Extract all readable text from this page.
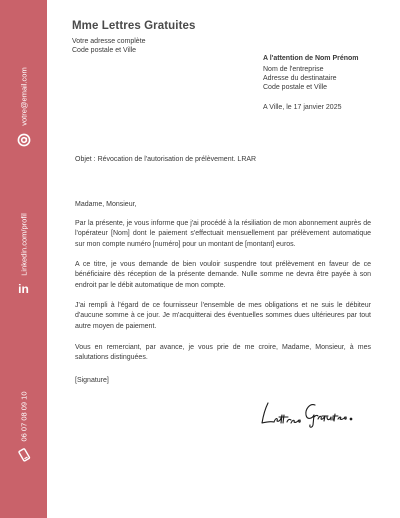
votre@email.com
Linkedin.com/profil
in
06 07 08 09 10
Mme Lettres Gratuites
Votre adresse complète
Code postale et Ville
A l'attention de Nom Prénom
Nom de l'entreprise
Adresse du destinataire
Code postale et Ville
A Ville, le 17 janvier 2025
Objet : Révocation de l'autorisation de prélèvement. LRAR
Madame, Monsieur,
Par la présente, je vous informe que j'ai procédé à la résiliation de mon abonnement auprès de l'opérateur [Nom] dont le paiement s'effectuait mensuellement par prélèvement automatique sur mon compte numéro [numéro] pour un montant de [montant] euros.
A ce titre, je vous demande de bien vouloir suspendre tout prélèvement en faveur de ce bénéficiaire dès réception de la présente demande. Nulle somme ne devra être payée à son endroit par le débit automatique de mon compte.
J'ai rempli à l'égard de ce fournisseur l'ensemble de mes obligations et ne suis le débiteur d'aucune somme à ce jour. Je m'acquitterai des éventuelles sommes dues ultérieures par tout autre moyen de paiement.
Vous en remerciant, par avance, je vous prie de me croire, Madame, Monsieur, à mes salutations distinguées.
[Signature]
